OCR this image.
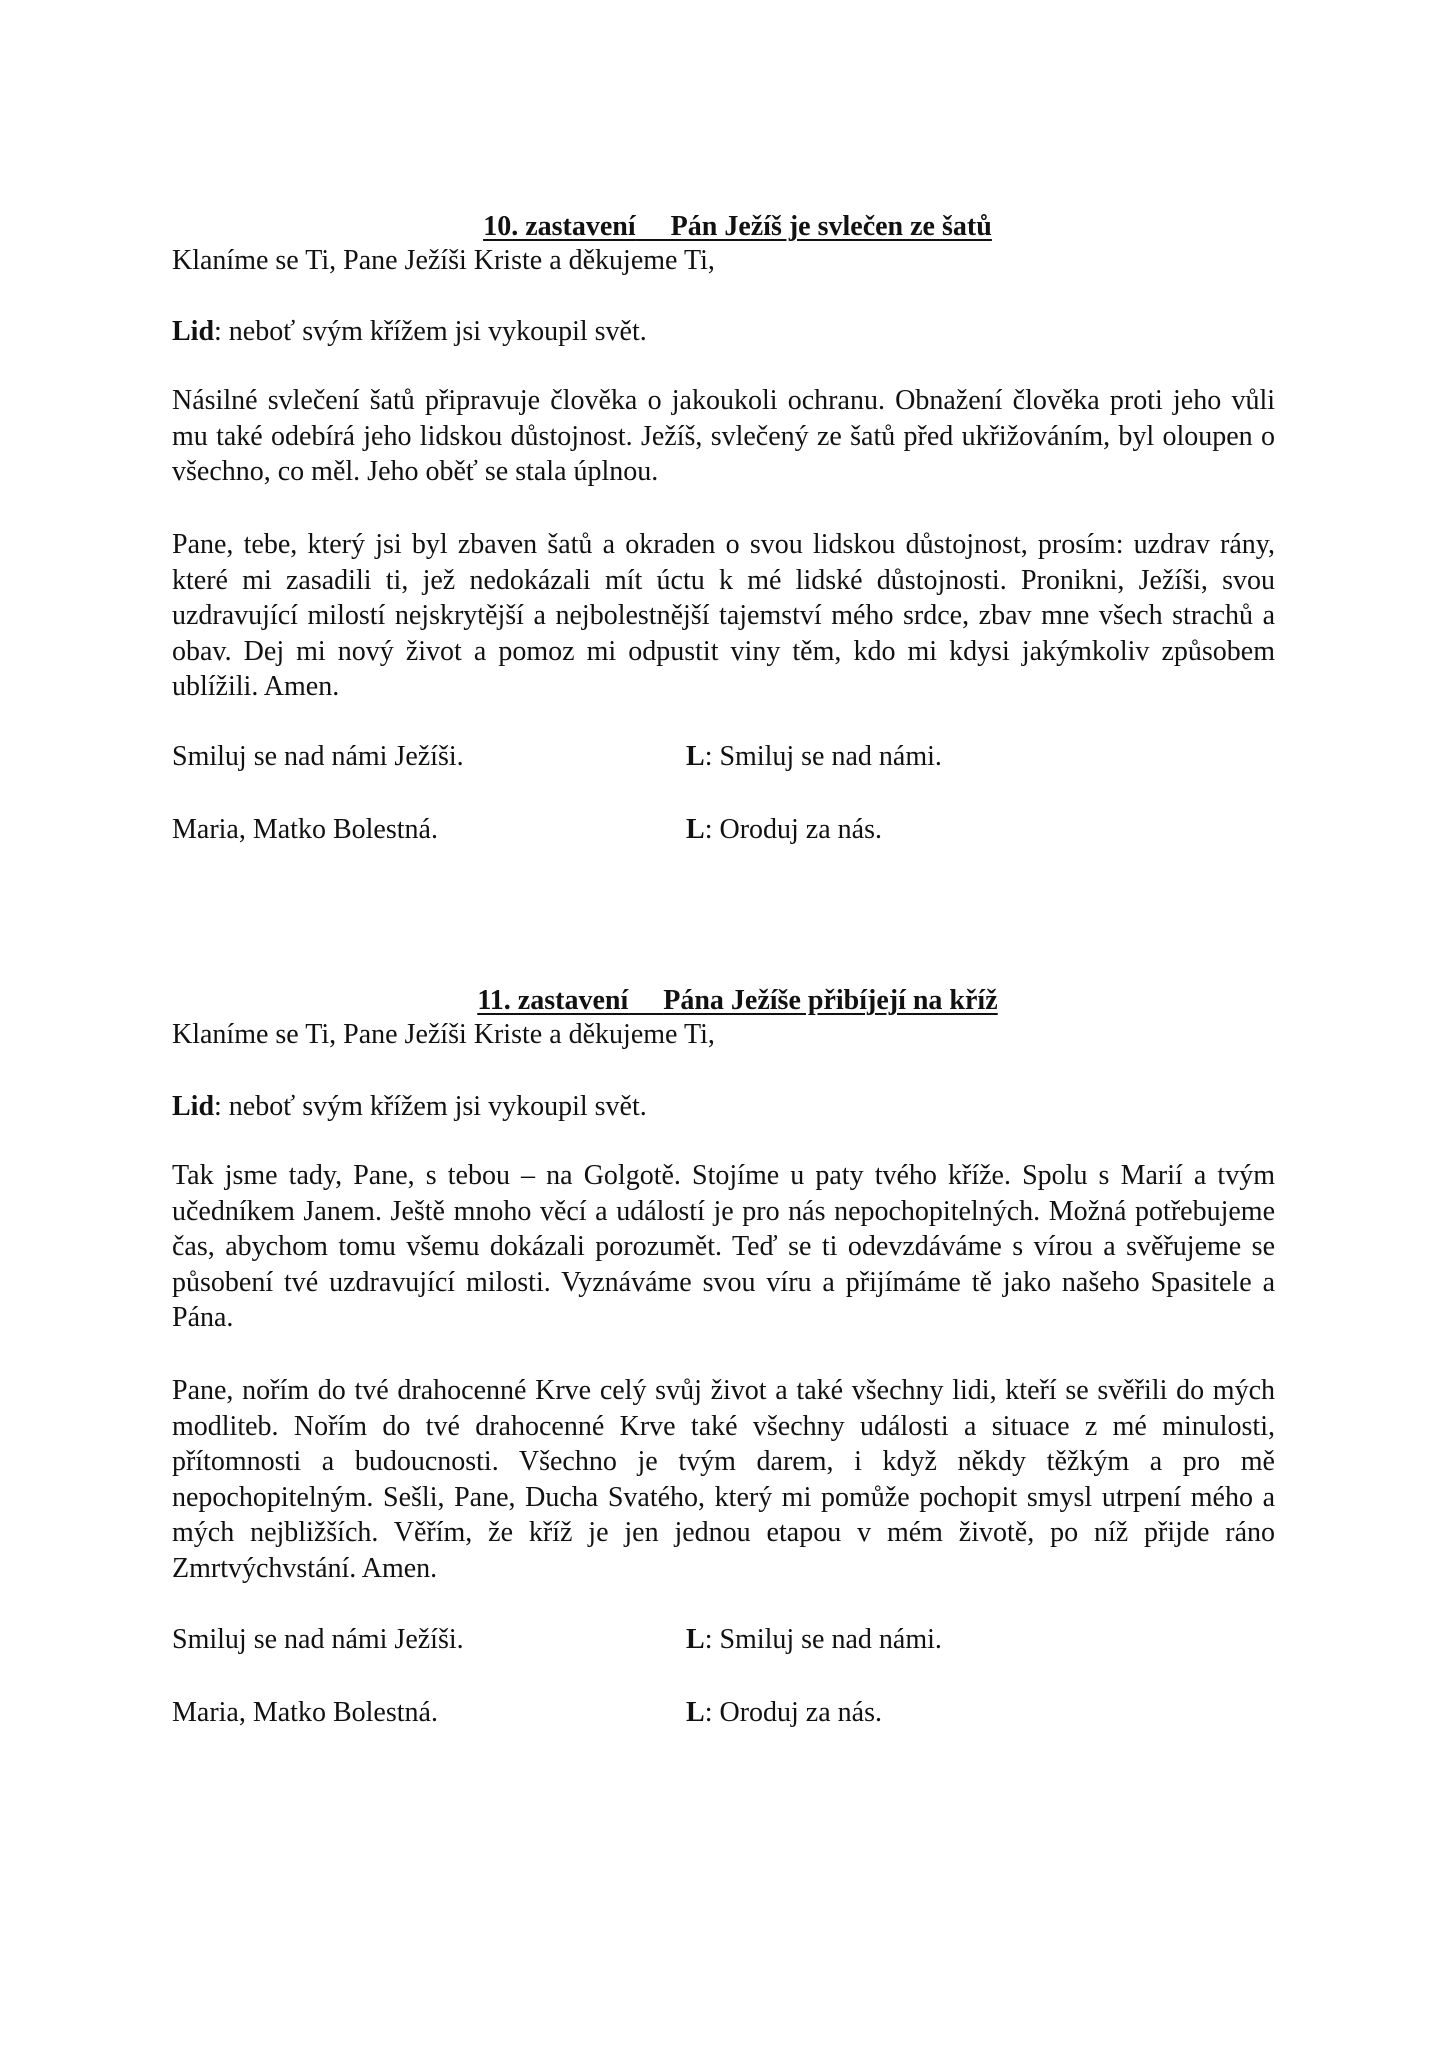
10. zastavení Pán Ježíš je svlečen ze šatů

Klaníme se Ti, Pane Ježíši Kriste a děkujeme Ti,
Lid: neboť svým křížem jsi vykoupil svět.

Násilné svlečení šatů připravuje člověka o jakoukoli ochranu. Obnažení člověka proti jeho vůli mu také odebírá jeho lidskou důstojnost. Ježíš, svlečený ze šatů před ukřižováním, byl oloupen o všechno, co měl. Jeho oběť se stala úplnou.

Pane, tebe, který jsi byl zbaven šatů a okraden o svou lidskou důstojnost, prosím: uzdrav rány, které mi zasadili ti, jež nedokázali mít úctu k mé lidské důstojnosti. Pronikni, Ježíši, svou uzdravující milostí nejskrytější a nejbolestnější tajemství mého srdce, zbav mne všech strachů a obav. Dej mi nový život a pomoz mi odpustit viny těm, kdo mi kdysi jakýmkoliv způsobem ublížili. Amen.

Smiluj se nad námi Ježíši.	L: Smiluj se nad námi.
Maria, Matko Bolestná.	L: Oroduj za nás.

11. zastavení Pána Ježíše přibíjejí na kříž

Klaníme se Ti, Pane Ježíši Kriste a děkujeme Ti,
Lid: neboť svým křížem jsi vykoupil svět.

Tak jsme tady, Pane, s tebou – na Golgotě. Stojíme u paty tvého kříže. Spolu s Marií a tvým učedníkem Janem. Ještě mnoho věcí a událostí je pro nás nepochopitelných. Možná potřebujeme čas, abychom tomu všemu dokázali porozumět. Teď se ti odevzdáváme s vírou a svěřujeme se působení tvé uzdravující milosti. Vyznáváme svou víru a přijímáme tě jako našeho Spasitele a Pána.

Pane, nořím do tvé drahocenné Krve celý svůj život a také všechny lidi, kteří se svěřili do mých modliteb. Nořím do tvé drahocenné Krve také všechny události a situace z mé minulosti, přítomnosti a budoucnosti. Všechno je tvým darem, i když někdy těžkým a pro mě nepochopitelným. Sešli, Pane, Ducha Svatého, který mi pomůže pochopit smysl utrpení mého a mých nejbližších. Věřím, že kříž je jen jednou etapou v mém životě, po níž přijde ráno Zmrtvýchvstání. Amen.

Smiluj se nad námi Ježíši.	L: Smiluj se nad námi.
Maria, Matko Bolestná.	L: Oroduj za nás.
